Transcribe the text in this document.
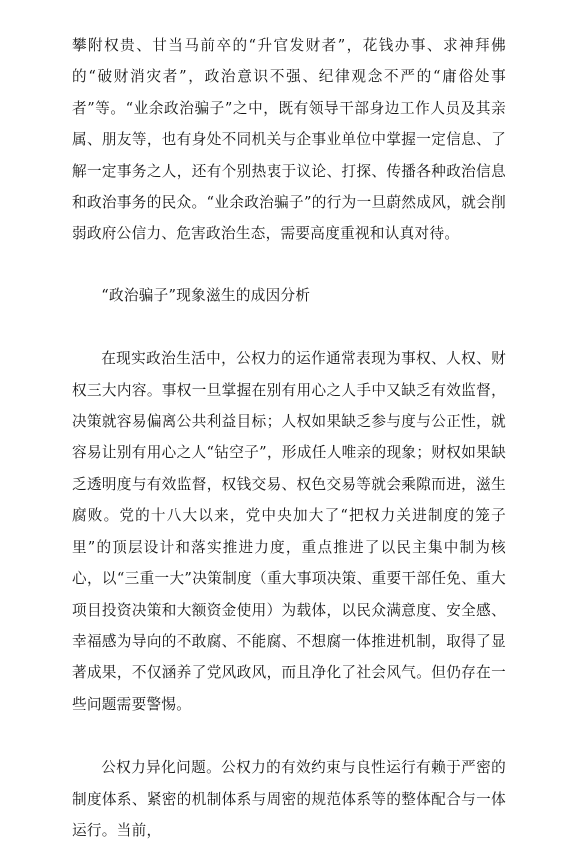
攀附权贵、甘当马前卒的“升官发财者”，花钱办事、求神拜佛的“破财消灾者”，政治意识不强、纪律观念不严的“庸俗处事者”等。“业余政治骗子”之中，既有领导干部身边工作人员及其亲属、朋友等，也有身处不同机关与企事业单位中掌握一定信息、了解一定事务之人，还有个别热衷于议论、打探、传播各种政治信息和政治事务的民众。“业余政治骗子”的行为一旦蔚然成风，就会削弱政府公信力、危害政治生态，需要高度重视和认真对待。

“政治骗子”现象滋生的成因分析

在现实政治生活中，公权力的运作通常表现为事权、人权、财权三大内容。事权一旦掌握在别有用心之人手中又缺乏有效监督，决策就容易偏离公共利益目标；人权如果缺乏参与度与公正性，就容易让别有用心之人“钻空子”，形成任人唯亲的现象；财权如果缺乏透明度与有效监督，权钱交易、权色交易等就会乘隙而进，滋生腐败。党的十八大以来，党中央加大了“把权力关进制度的笼子里”的顶层设计和落实推进力度，重点推进了以民主集中制为核心，以“三重一大”决策制度（重大事项决策、重要干部任免、重大项目投资决策和大额资金使用）为载体，以民众满意度、安全感、幸福感为导向的不敢腐、不能腐、不想腐一体推进机制，取得了显著成果，不仅涵养了党风政风，而且净化了社会风气。但仍存在一些问题需要警惕。

公权力异化问题。公权力的有效约束与良性运行有赖于严密的制度体系、紧密的机制体系与周密的规范体系等的整体配合与一体运行。当前，
